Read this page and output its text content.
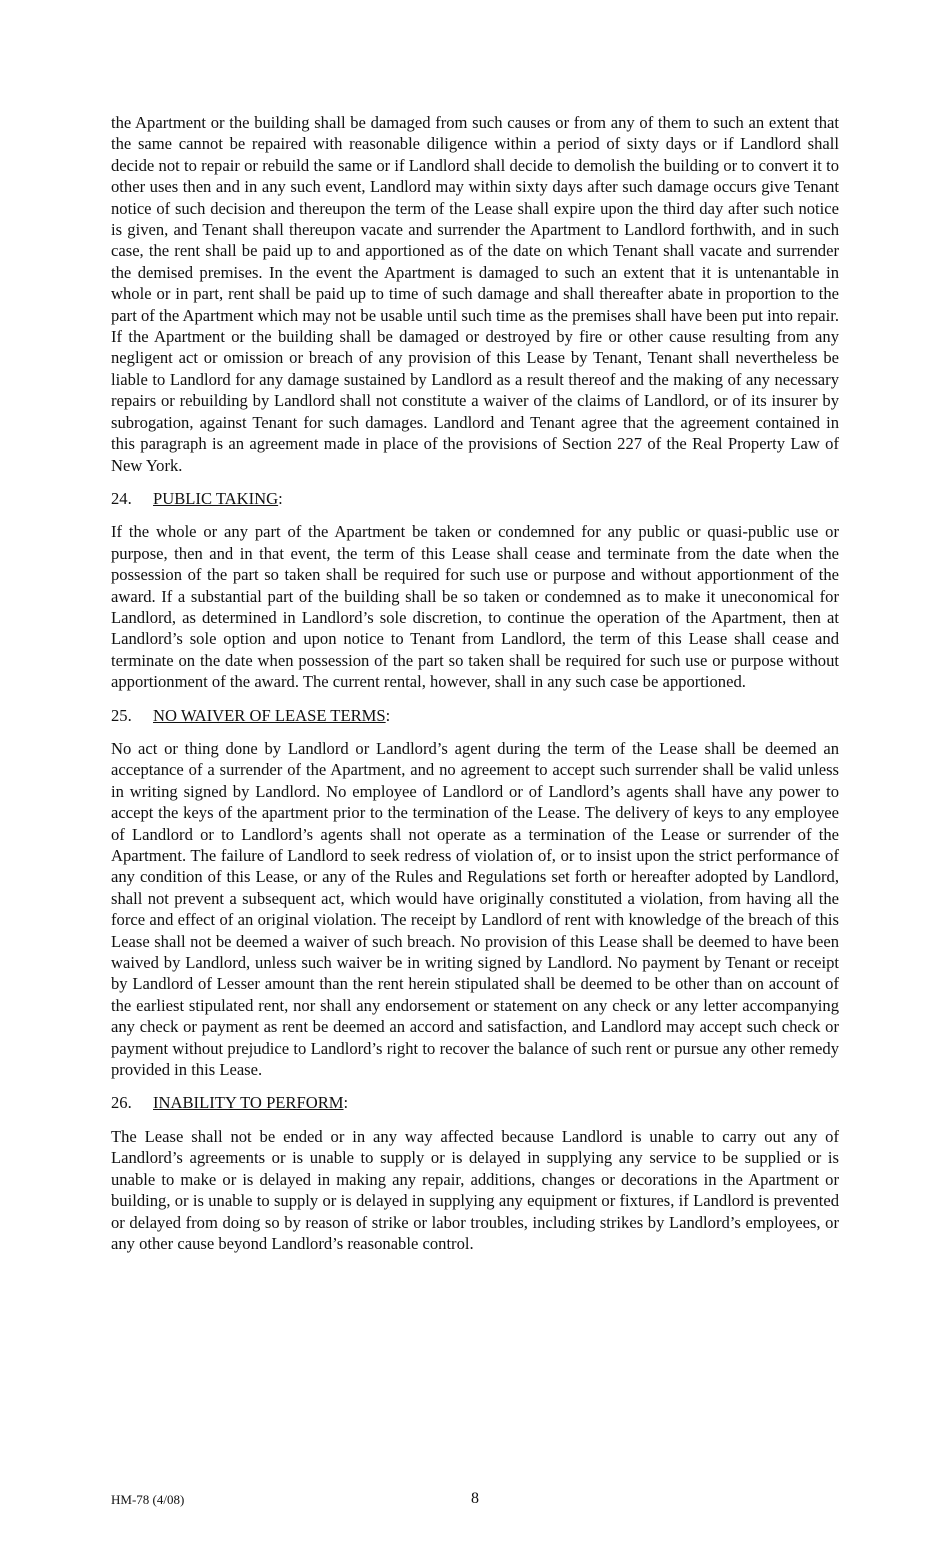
the Apartment or the building shall be damaged from such causes or from any of them to such an extent that the same cannot be repaired with reasonable diligence within a period of sixty days or if Landlord shall decide not to repair or rebuild the same or if Landlord shall decide to demolish the building or to convert it to other uses then and in any such event, Landlord may within sixty days after such damage occurs give Tenant notice of such decision and thereupon the term of the Lease shall expire upon the third day after such notice is given, and Tenant shall thereupon vacate and surrender the Apartment to Landlord forthwith, and in such case, the rent shall be paid up to and apportioned as of the date on which Tenant shall vacate and surrender the demised premises. In the event the Apartment is damaged to such an extent that it is untenantable in whole or in part, rent shall be paid up to time of such damage and shall thereafter abate in proportion to the part of the Apartment which may not be usable until such time as the premises shall have been put into repair. If the Apartment or the building shall be damaged or destroyed by fire or other cause resulting from any negligent act or omission or breach of any provision of this Lease by Tenant, Tenant shall nevertheless be liable to Landlord for any damage sustained by Landlord as a result thereof and the making of any necessary repairs or rebuilding by Landlord shall not constitute a waiver of the claims of Landlord, or of its insurer by subrogation, against Tenant for such damages. Landlord and Tenant agree that the agreement contained in this paragraph is an agreement made in place of the provisions of Section 227 of the Real Property Law of New York.

24. PUBLIC TAKING:

If the whole or any part of the Apartment be taken or condemned for any public or quasi-public use or purpose, then and in that event, the term of this Lease shall cease and terminate from the date when the possession of the part so taken shall be required for such use or purpose and without apportionment of the award. If a substantial part of the building shall be so taken or condemned as to make it uneconomical for Landlord, as determined in Landlord’s sole discretion, to continue the operation of the Apartment, then at Landlord’s sole option and upon notice to Tenant from Landlord, the term of this Lease shall cease and terminate on the date when possession of the part so taken shall be required for such use or purpose without apportionment of the award. The current rental, however, shall in any such case be apportioned.

25. NO WAIVER OF LEASE TERMS:

No act or thing done by Landlord or Landlord’s agent during the term of the Lease shall be deemed an acceptance of a surrender of the Apartment, and no agreement to accept such surrender shall be valid unless in writing signed by Landlord. No employee of Landlord or of Landlord’s agents shall have any power to accept the keys of the apartment prior to the termination of the Lease. The delivery of keys to any employee of Landlord or to Landlord’s agents shall not operate as a termination of the Lease or surrender of the Apartment. The failure of Landlord to seek redress of violation of, or to insist upon the strict performance of any condition of this Lease, or any of the Rules and Regulations set forth or hereafter adopted by Landlord, shall not prevent a subsequent act, which would have originally constituted a violation, from having all the force and effect of an original violation. The receipt by Landlord of rent with knowledge of the breach of this Lease shall not be deemed a waiver of such breach. No provision of this Lease shall be deemed to have been waived by Landlord, unless such waiver be in writing signed by Landlord. No payment by Tenant or receipt by Landlord of Lesser amount than the rent herein stipulated shall be deemed to be other than on account of the earliest stipulated rent, nor shall any endorsement or statement on any check or any letter accompanying any check or payment as rent be deemed an accord and satisfaction, and Landlord may accept such check or payment without prejudice to Landlord’s right to recover the balance of such rent or pursue any other remedy provided in this Lease.

26. INABILITY TO PERFORM:

The Lease shall not be ended or in any way affected because Landlord is unable to carry out any of Landlord’s agreements or is unable to supply or is delayed in supplying any service to be supplied or is unable to make or is delayed in making any repair, additions, changes or decorations in the Apartment or building, or is unable to supply or is delayed in supplying any equipment or fixtures, if Landlord is prevented or delayed from doing so by reason of strike or labor troubles, including strikes by Landlord’s employees, or any other cause beyond Landlord’s reasonable control.

HM-78 (4/08)	8
